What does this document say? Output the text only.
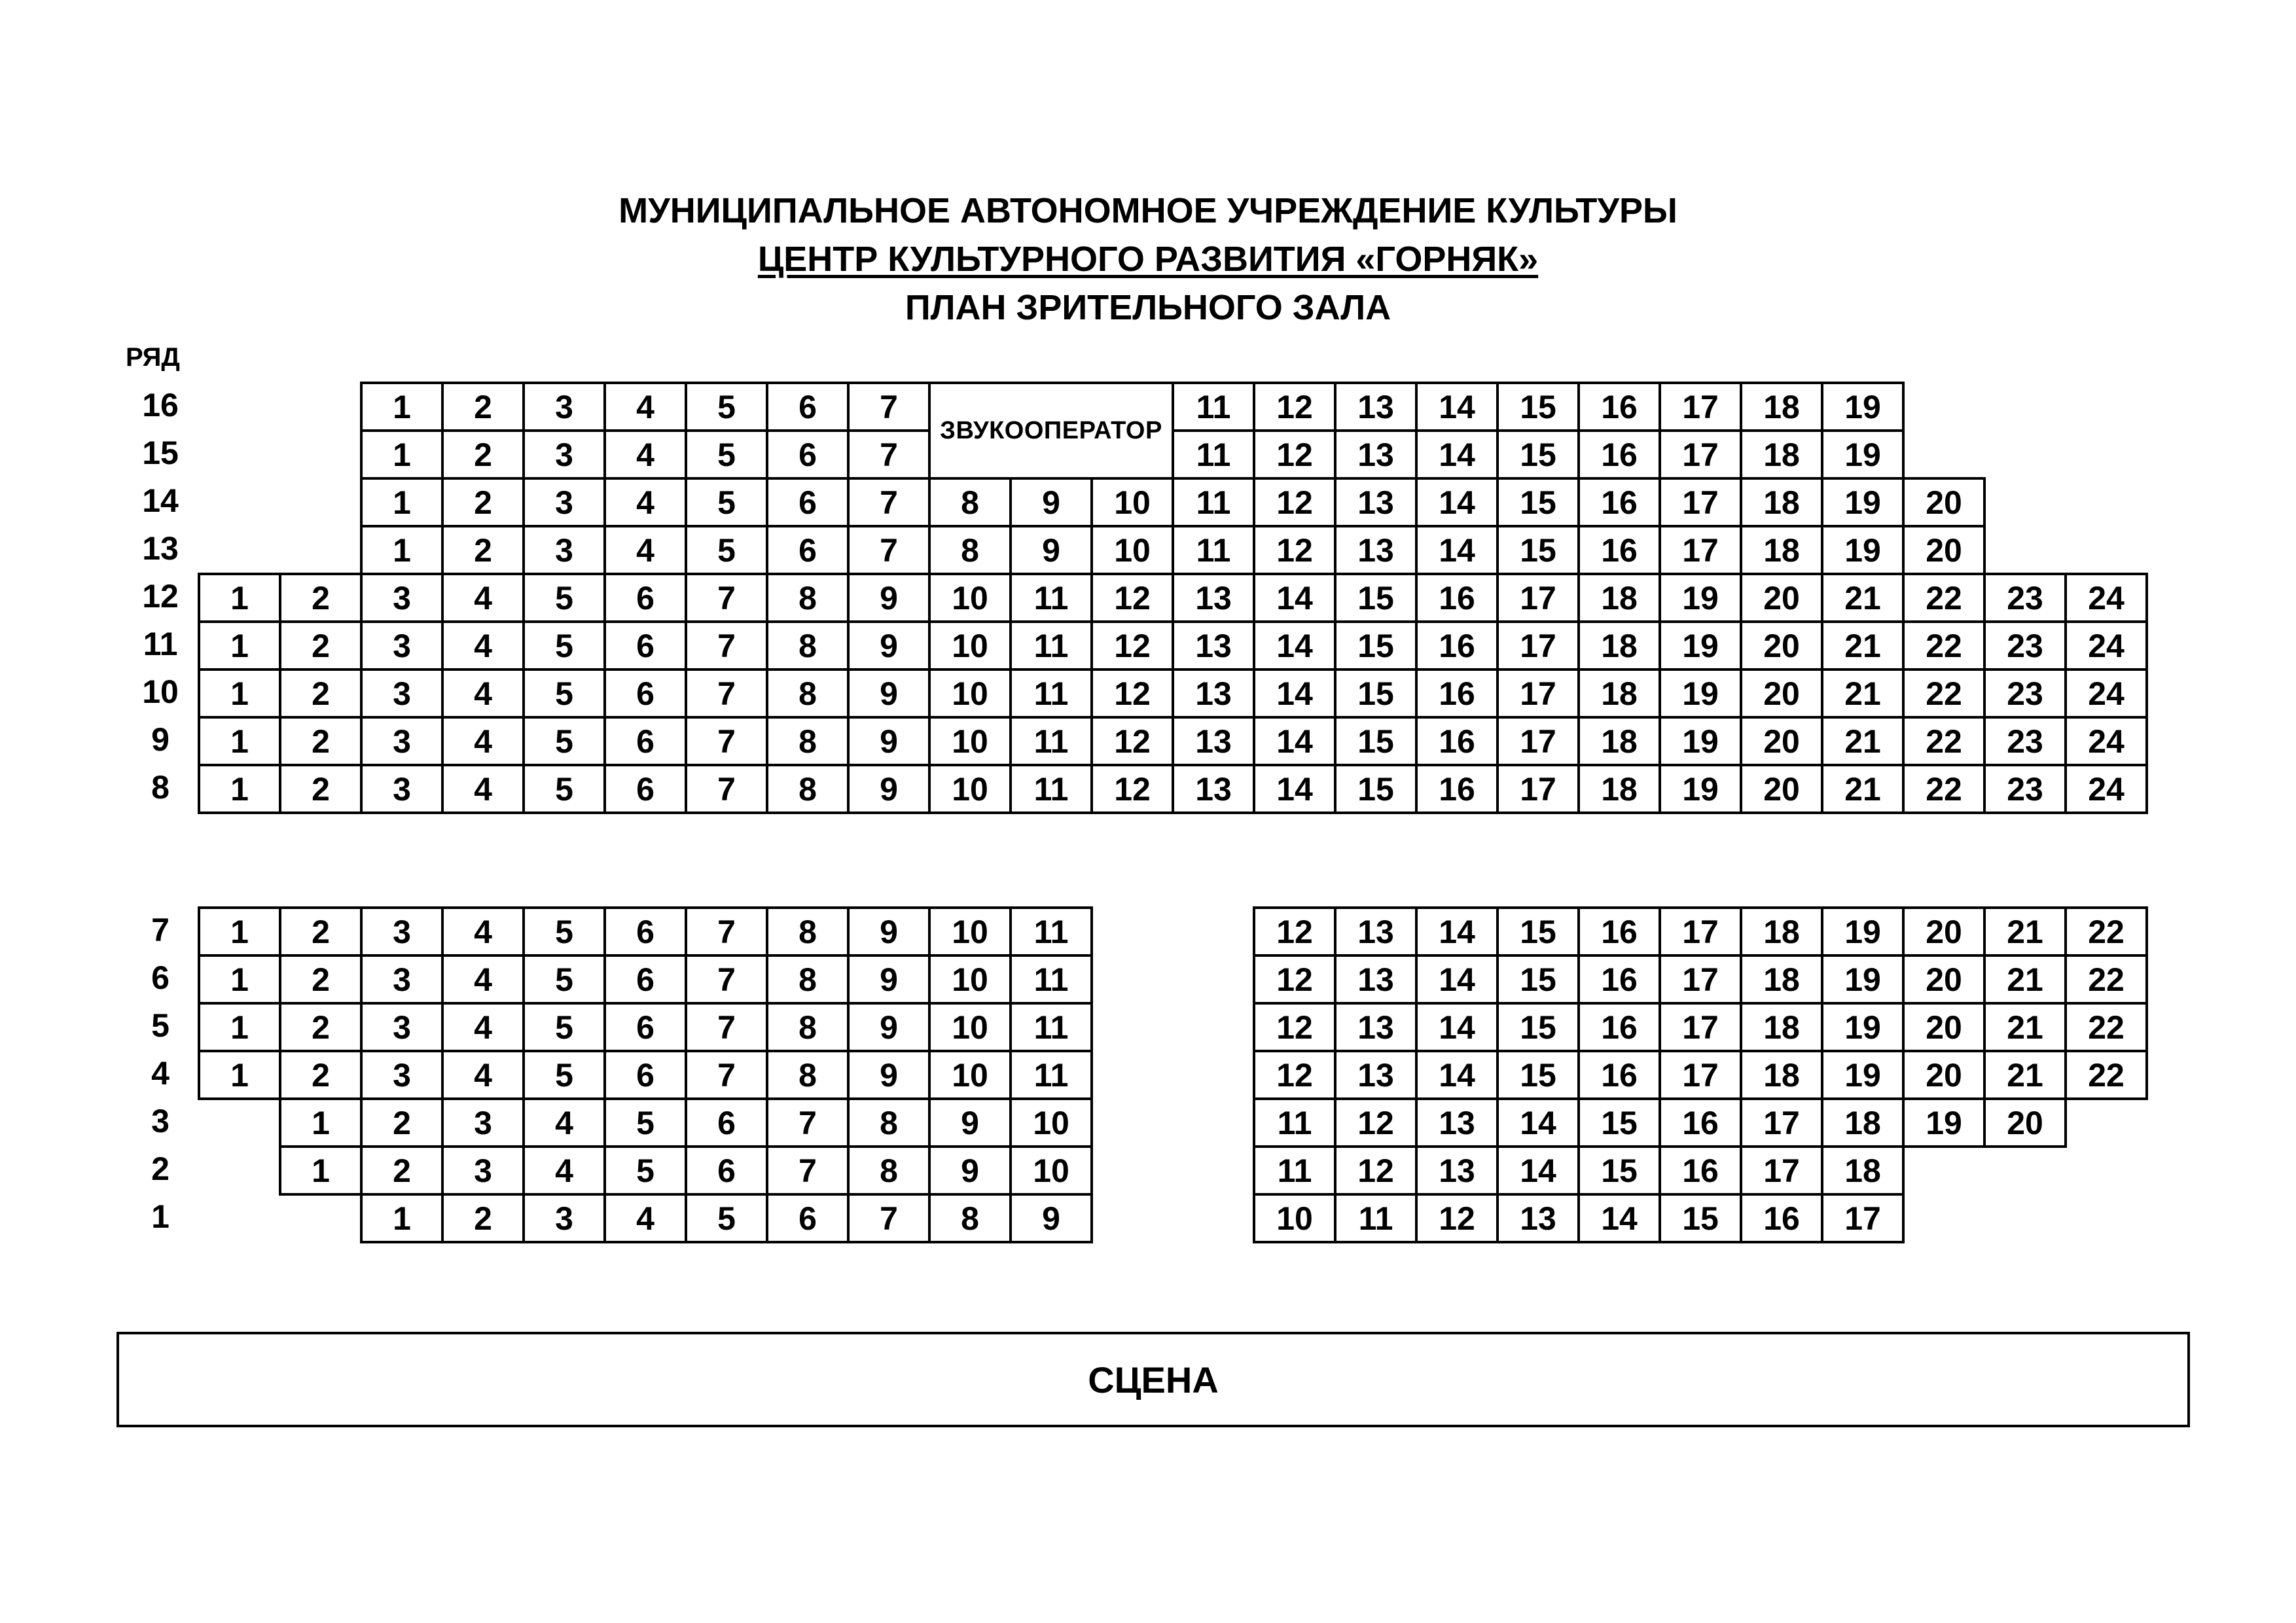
МУНИЦИПАЛЬНОЕ АВТОНОМНОЕ УЧРЕЖДЕНИЕ КУЛЬТУРЫ
ЦЕНТР КУЛЬТУРНОГО РАЗВИТИЯ «ГОРНЯК»
ПЛАН ЗРИТЕЛЬНОГО ЗАЛА
РЯД
16	1	2	3	4	5	6	7	11	12	13	14	15	16	17	18	19
15	1	2	3	4	5	6	7	11	12	13	14	15	16	17	18	19
14	1	2	3	4	5	6	7	8	9	10	11	12	13	14	15	16	17	18	19	20
13	1	2	3	4	5	6	7	8	9	10	11	12	13	14	15	16	17	18	19	20
12	1	2	3	4	5	6	7	8	9	10	11	12	13	14	15	16	17	18	19	20	21	22	23	24
11	1	2	3	4	5	6	7	8	9	10	11	12	13	14	15	16	17	18	19	20	21	22	23	24
10	1	2	3	4	5	6	7	8	9	10	11	12	13	14	15	16	17	18	19	20	21	22	23	24
9	1	2	3	4	5	6	7	8	9	10	11	12	13	14	15	16	17	18	19	20	21	22	23	24
8	1	2	3	4	5	6	7	8	9	10	11	12	13	14	15	16	17	18	19	20	21	22	23	24
7	1	2	3	4	5	6	7	8	9	10	11	12	13	14	15	16	17	18	19	20	21	22
6	1	2	3	4	5	6	7	8	9	10	11	12	13	14	15	16	17	18	19	20	21	22
5	1	2	3	4	5	6	7	8	9	10	11	12	13	14	15	16	17	18	19	20	21	22
4	1	2	3	4	5	6	7	8	9	10	11	12	13	14	15	16	17	18	19	20	21	22
3	1	2	3	4	5	6	7	8	9	10	11	12	13	14	15	16	17	18	19	20
2	1	2	3	4	5	6	7	8	9	10	11	12	13	14	15	16	17	18
1	1	2	3	4	5	6	7	8	9	10	11	12	13	14	15	16	17
ЗВУКООПЕРАТОР
СЦЕНА
